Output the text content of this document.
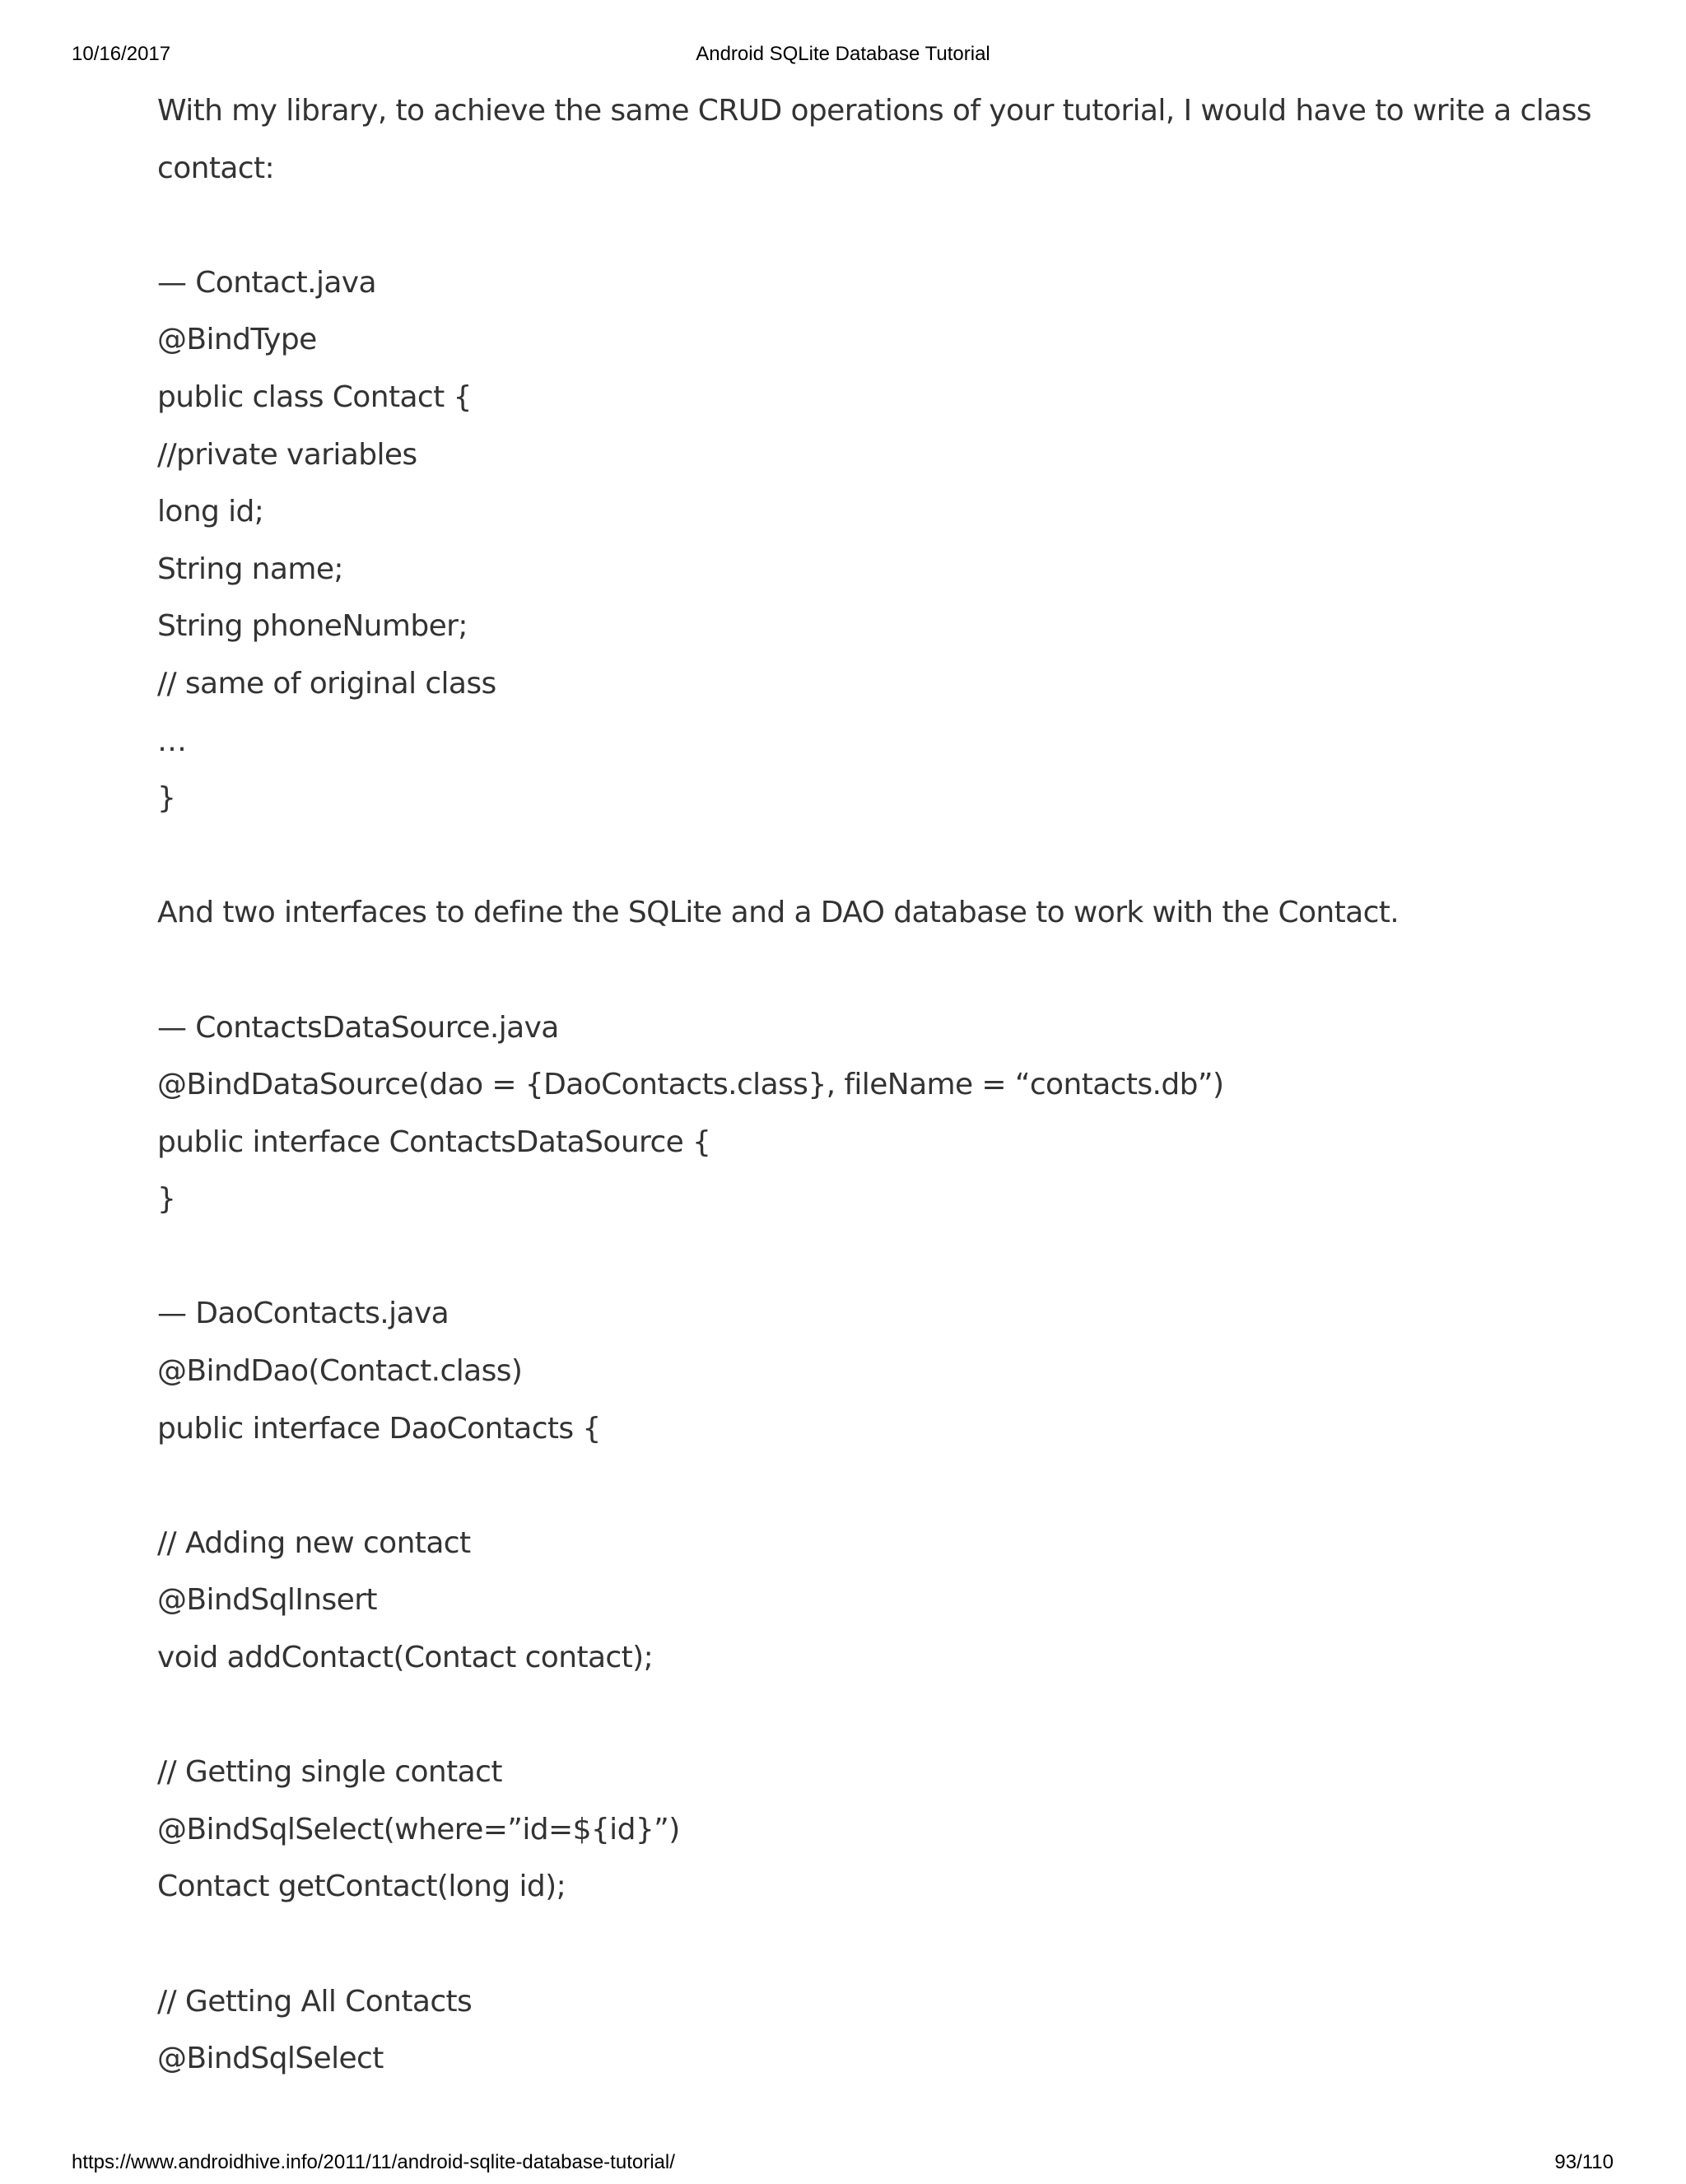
10/16/2017	Android SQLite Database Tutorial
With my library, to achieve the same CRUD operations of your tutorial, I would have to write a class
contact:
— Contact.java
@BindType
public class Contact {
//private variables
long id;
String name;
String phoneNumber;
// same of original class
…
}
And two interfaces to define the SQLite and a DAO database to work with the Contact.
— ContactsDataSource.java
@BindDataSource(dao = {DaoContacts.class}, fileName = “contacts.db”)
public interface ContactsDataSource {
}
— DaoContacts.java
@BindDao(Contact.class)
public interface DaoContacts {
// Adding new contact
@BindSqlInsert
void addContact(Contact contact);
// Getting single contact
@BindSqlSelect(where=”id=${id}”)
Contact getContact(long id);
// Getting All Contacts
@BindSqlSelect
https://www.androidhive.info/2011/11/android-sqlite-database-tutorial/	93/110
